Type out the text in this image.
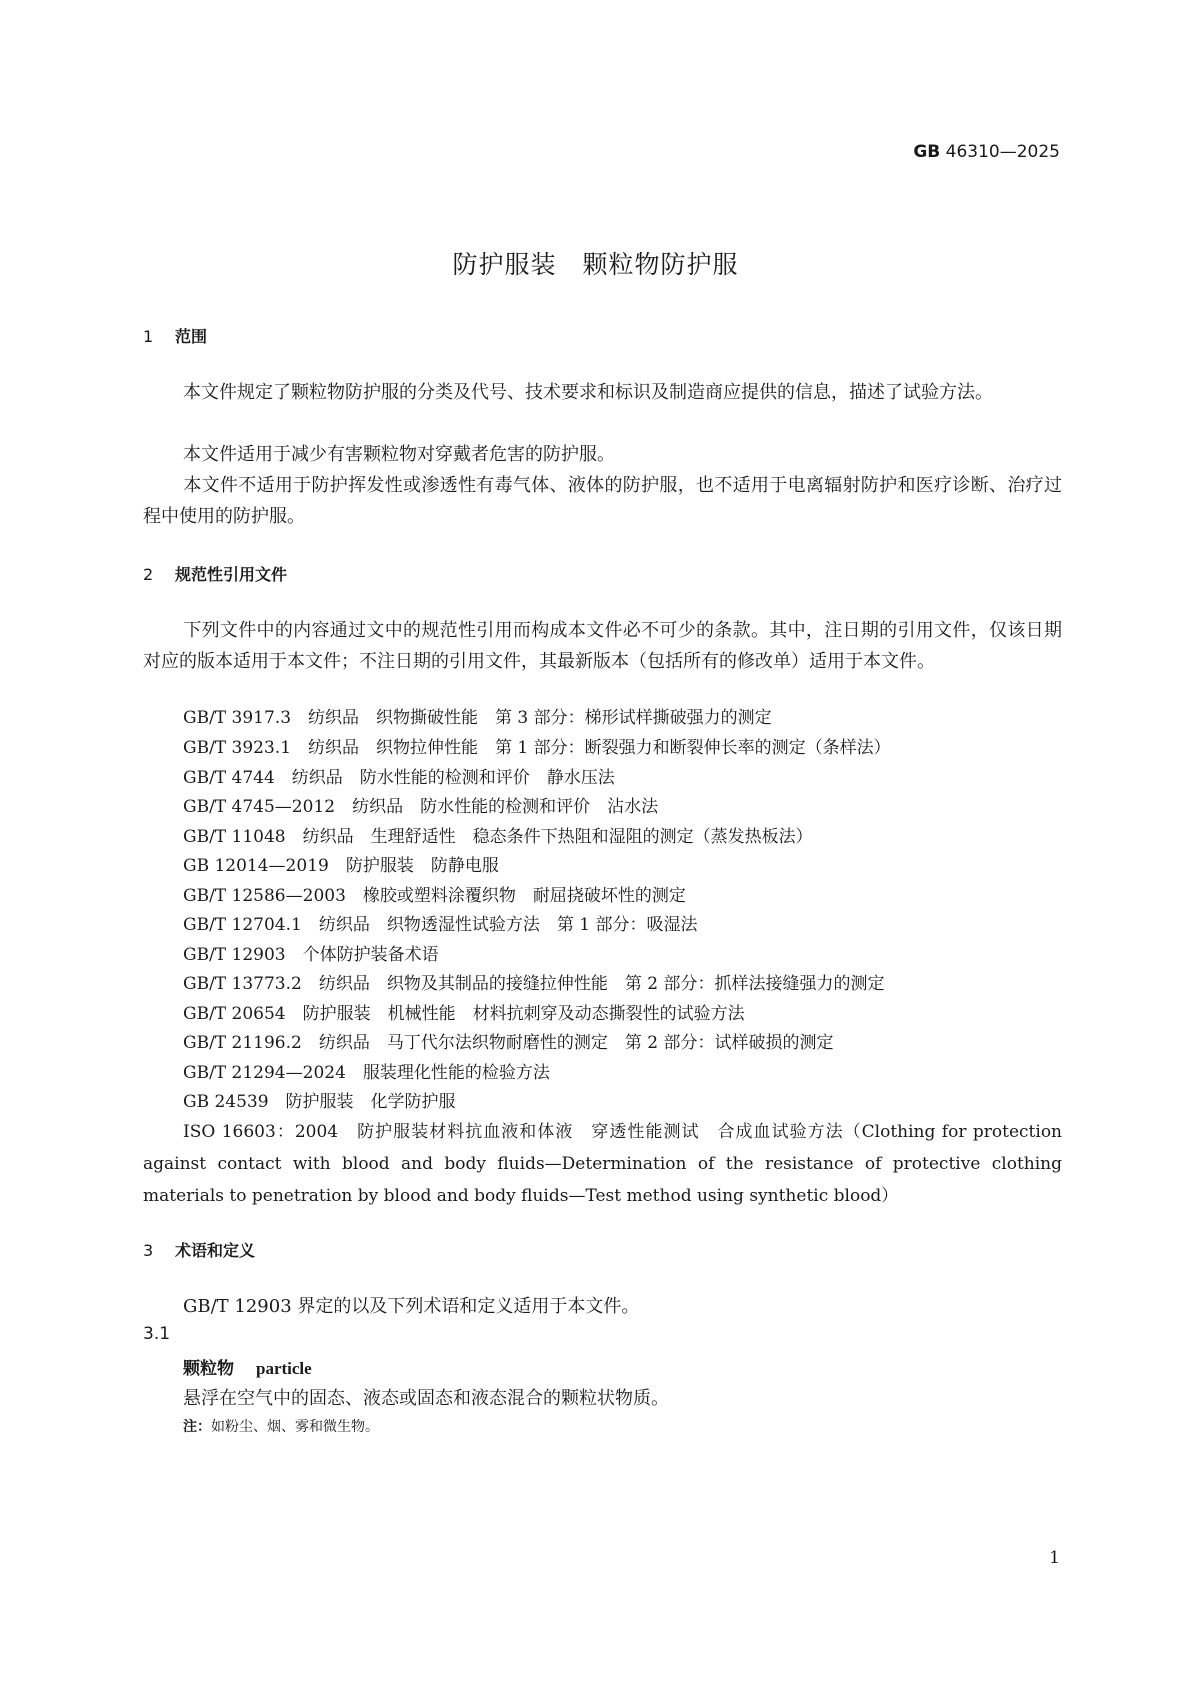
GB 46310—2025
防护服装　颗粒物防护服
1 范围
本文件规定了颗粒物防护服的分类及代号、技术要求和标识及制造商应提供的信息，描述了试验方法。
本文件适用于减少有害颗粒物对穿戴者危害的防护服。
本文件不适用于防护挥发性或渗透性有毒气体、液体的防护服，也不适用于电离辐射防护和医疗诊断、治疗过程中使用的防护服。
2 规范性引用文件
下列文件中的内容通过文中的规范性引用而构成本文件必不可少的条款。其中，注日期的引用文件，仅该日期对应的版本适用于本文件；不注日期的引用文件，其最新版本（包括所有的修改单）适用于本文件。
GB/T 3917.3　纺织品　织物撕破性能　第 3 部分：梯形试样撕破强力的测定
GB/T 3923.1　纺织品　织物拉伸性能　第 1 部分：断裂强力和断裂伸长率的测定（条样法）
GB/T 4744　纺织品　防水性能的检测和评价　静水压法
GB/T 4745—2012　纺织品　防水性能的检测和评价　沾水法
GB/T 11048　纺织品　生理舒适性　稳态条件下热阻和湿阻的测定（蒸发热板法）
GB 12014—2019　防护服装　防静电服
GB/T 12586—2003　橡胶或塑料涂覆织物　耐屈挠破坏性的测定
GB/T 12704.1　纺织品　织物透湿性试验方法　第 1 部分：吸湿法
GB/T 12903　个体防护装备术语
GB/T 13773.2　纺织品　织物及其制品的接缝拉伸性能　第 2 部分：抓样法接缝强力的测定
GB/T 20654　防护服装　机械性能　材料抗刺穿及动态撕裂性的试验方法
GB/T 21196.2　纺织品　马丁代尔法织物耐磨性的测定　第 2 部分：试样破损的测定
GB/T 21294—2024　服装理化性能的检验方法
GB 24539　防护服装　化学防护服
ISO 16603：2004　防护服装材料抗血液和体液　穿透性能测试　合成血试验方法（Clothing for protection against contact with blood and body fluids—Determination of the resistance of protective clothing materials to penetration by blood and body fluids—Test method using synthetic blood）
3 术语和定义
GB/T 12903 界定的以及下列术语和定义适用于本文件。
3.1
颗粒物 particle
悬浮在空气中的固态、液态或固态和液态混合的颗粒状物质。
注：如粉尘、烟、雾和微生物。
1
